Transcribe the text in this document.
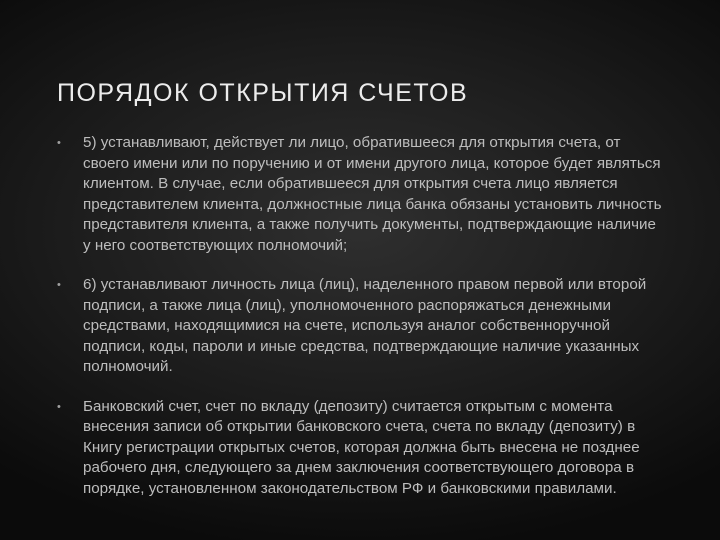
ПОРЯДОК ОТКРЫТИЯ СЧЕТОВ
• 5) устанавливают, действует ли лицо, обратившееся для открытия счета, от своего имени или по поручению и от имени другого лица, которое будет являться клиентом. В случае, если обратившееся для открытия счета лицо является представителем клиента, должностные лица банка обязаны установить личность представителя клиента, а также получить документы, подтверждающие наличие у него соответствующих полномочий;
• 6) устанавливают личность лица (лиц), наделенного правом первой или второй подписи, а также лица (лиц), уполномоченного распоряжаться денежными средствами, находящимися на счете, используя аналог собственноручной подписи, коды, пароли и иные средства, подтверждающие наличие указанных полномочий.
• Банковский счет, счет по вкладу (депозиту) считается открытым с момента внесения записи об открытии банковского счета, счета по вкладу (депозиту) в Книгу регистрации открытых счетов, которая должна быть внесена не позднее рабочего дня, следующего за днем заключения соответствующего договора в порядке, установленном законодательством РФ и банковскими правилами.
